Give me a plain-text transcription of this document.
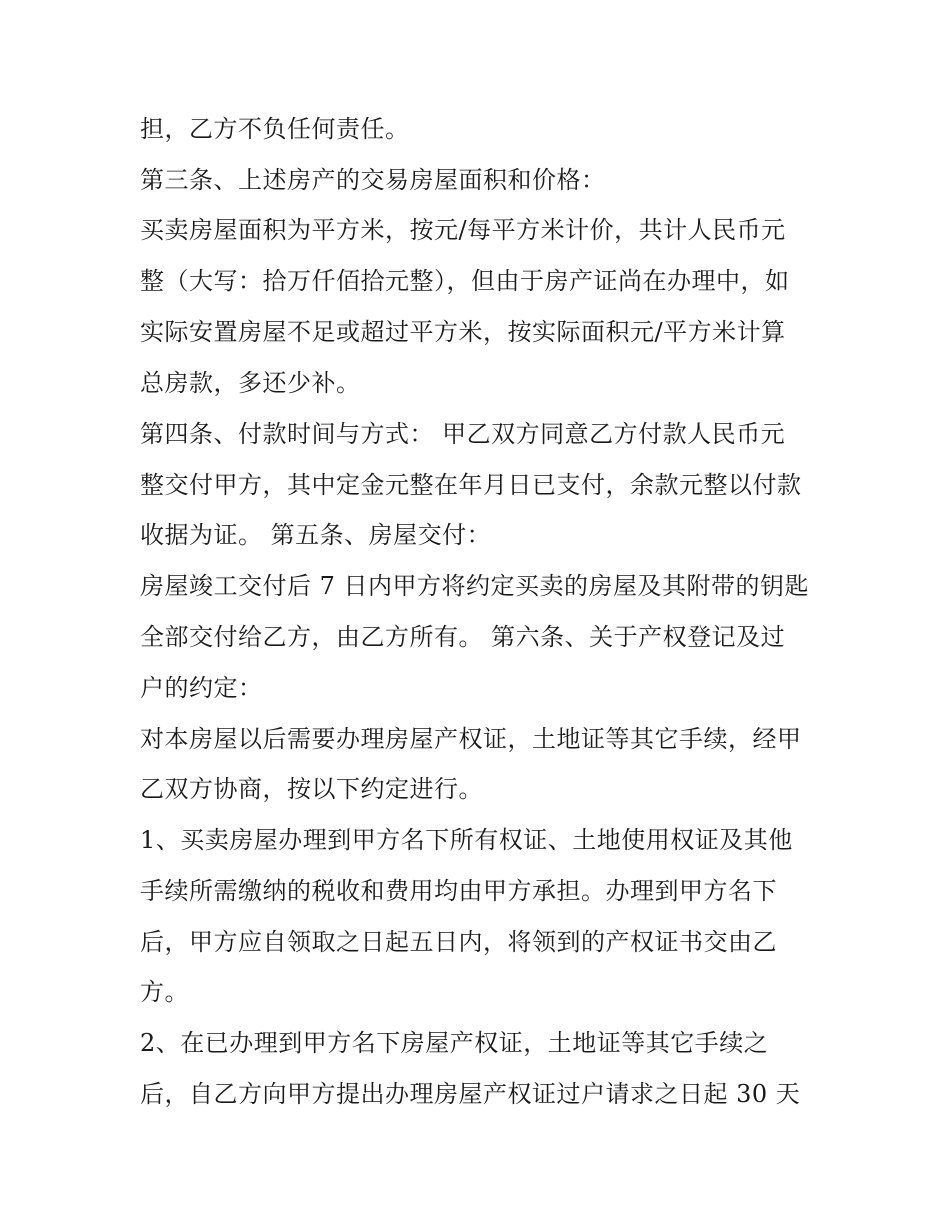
担，乙方不负任何责任。
第三条、上述房产的交易房屋面积和价格：
买卖房屋面积为平方米，按元/每平方米计价，共计人民币元
整（大写：拾万仟佰拾元整），但由于房产证尚在办理中，如
实际安置房屋不足或超过平方米，按实际面积元/平方米计算
总房款，多还少补。
第四条、付款时间与方式： 甲乙双方同意乙方付款人民币元
整交付甲方，其中定金元整在年月日已支付，余款元整以付款
收据为证。 第五条、房屋交付：
房屋竣工交付后 7 日内甲方将约定买卖的房屋及其附带的钥匙
全部交付给乙方，由乙方所有。 第六条、关于产权登记及过
户的约定：
对本房屋以后需要办理房屋产权证，土地证等其它手续，经甲
乙双方协商，按以下约定进行。
1、买卖房屋办理到甲方名下所有权证、土地使用权证及其他
手续所需缴纳的税收和费用均由甲方承担。办理到甲方名下
后，甲方应自领取之日起五日内，将领到的产权证书交由乙
方。
2、在已办理到甲方名下房屋产权证，土地证等其它手续之
后，自乙方向甲方提出办理房屋产权证过户请求之日起 30 天
